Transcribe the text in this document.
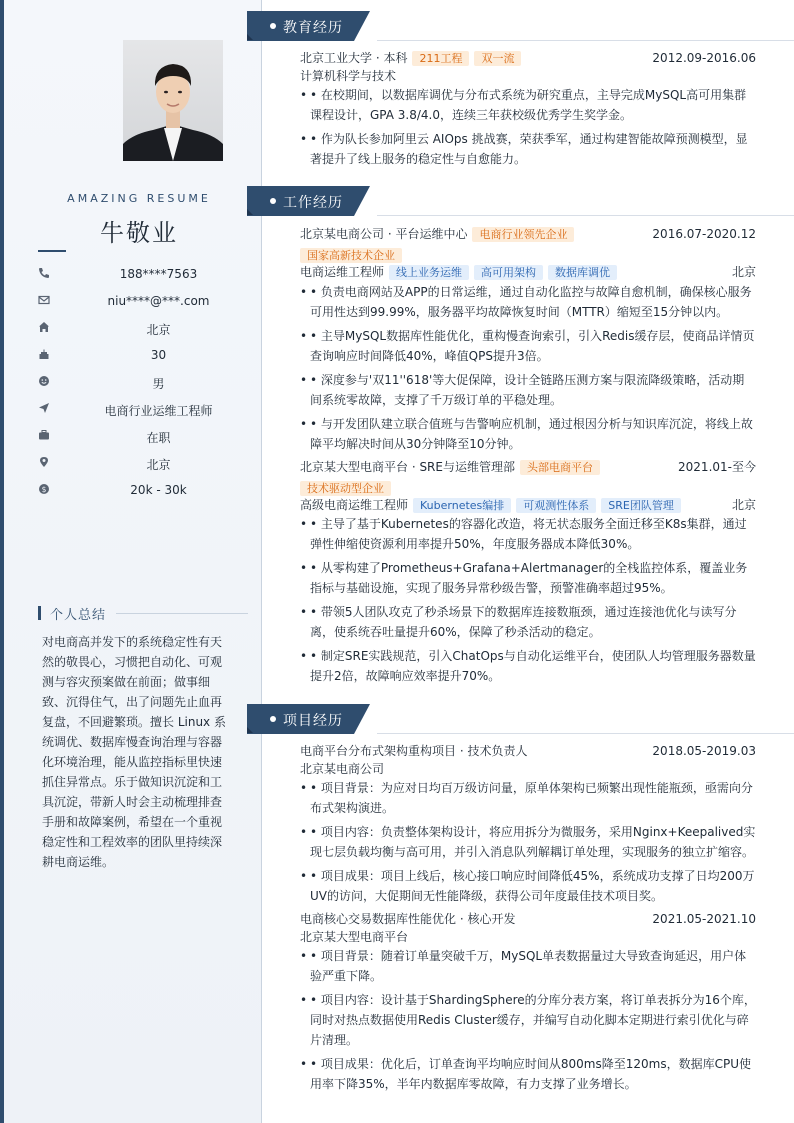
AMAZING RESUME
牛敬业
188****7563
niu****@***.com
北京
30
男
电商行业运维工程师
在职
北京
$	20k - 30k
个人总结
对电商高并发下的系统稳定性有天然的敬畏心，习惯把自动化、可观测与容灾预案做在前面；做事细致、沉得住气，出了问题先止血再复盘，不回避繁琐。擅长 Linux 系统调优、数据库慢查询治理与容器化环境治理，能从监控指标里快速抓住异常点。乐于做知识沉淀和工具沉淀，带新人时会主动梳理排查手册和故障案例，希望在一个重视稳定性和工程效率的团队里持续深耕电商运维。
教育经历
北京工业大学 · 本科 211工程 双一流	2012.09-2016.06
计算机科学与技术
• • 在校期间，以数据库调优与分布式系统为研究重点，主导完成MySQL高可用集群课程设计，GPA 3.8/4.0，连续三年获校级优秀学生奖学金。
• • 作为队长参加阿里云 AIOps 挑战赛，荣获季军，通过构建智能故障预测模型，显著提升了线上服务的稳定性与自愈能力。
工作经历
北京某电商公司 · 平台运维中心 电商行业领先企业	2016.07-2020.12
国家高新技术企业
电商运维工程师 线上业务运维 高可用架构 数据库调优	北京
• • 负责电商网站及APP的日常运维，通过自动化监控与故障自愈机制，确保核心服务可用性达到99.99%，服务器平均故障恢复时间（MTTR）缩短至15分钟以内。
• • 主导MySQL数据库性能优化，重构慢查询索引，引入Redis缓存层，使商品详情页查询响应时间降低40%，峰值QPS提升3倍。
• • 深度参与'双11''618'等大促保障，设计全链路压测方案与限流降级策略，活动期间系统零故障，支撑了千万级订单的平稳处理。
• • 与开发团队建立联合值班与告警响应机制，通过根因分析与知识库沉淀，将线上故障平均解决时间从30分钟降至10分钟。
北京某大型电商平台 · SRE与运维管理部 头部电商平台	2021.01-至今
技术驱动型企业
高级电商运维工程师 Kubernetes编排 可观测性体系 SRE团队管理	北京
• • 主导了基于Kubernetes的容器化改造，将无状态服务全面迁移至K8s集群，通过弹性伸缩使资源利用率提升50%，年度服务器成本降低30%。
• • 从零构建了Prometheus+Grafana+Alertmanager的全栈监控体系，覆盖业务指标与基础设施，实现了服务异常秒级告警，预警准确率超过95%。
• • 带领5人团队攻克了秒杀场景下的数据库连接数瓶颈，通过连接池优化与读写分离，使系统吞吐量提升60%，保障了秒杀活动的稳定。
• • 制定SRE实践规范，引入ChatOps与自动化运维平台，使团队人均管理服务器数量提升2倍，故障响应效率提升70%。
项目经历
电商平台分布式架构重构项目 · 技术负责人	2018.05-2019.03
北京某电商公司
• • 项目背景：为应对日均百万级访问量，原单体架构已频繁出现性能瓶颈，亟需向分布式架构演进。
• • 项目内容：负责整体架构设计，将应用拆分为微服务，采用Nginx+Keepalived实现七层负载均衡与高可用，并引入消息队列解耦订单处理，实现服务的独立扩缩容。
• • 项目成果：项目上线后，核心接口响应时间降低45%，系统成功支撑了日均200万UV的访问，大促期间无性能降级，获得公司年度最佳技术项目奖。
电商核心交易数据库性能优化 · 核心开发	2021.05-2021.10
北京某大型电商平台
• • 项目背景：随着订单量突破千万，MySQL单表数据量过大导致查询延迟，用户体验严重下降。
• • 项目内容：设计基于ShardingSphere的分库分表方案，将订单表拆分为16个库，同时对热点数据使用Redis Cluster缓存，并编写自动化脚本定期进行索引优化与碎片清理。
• • 项目成果：优化后，订单查询平均响应时间从800ms降至120ms，数据库CPU使用率下降35%，半年内数据库零故障，有力支撑了业务增长。
